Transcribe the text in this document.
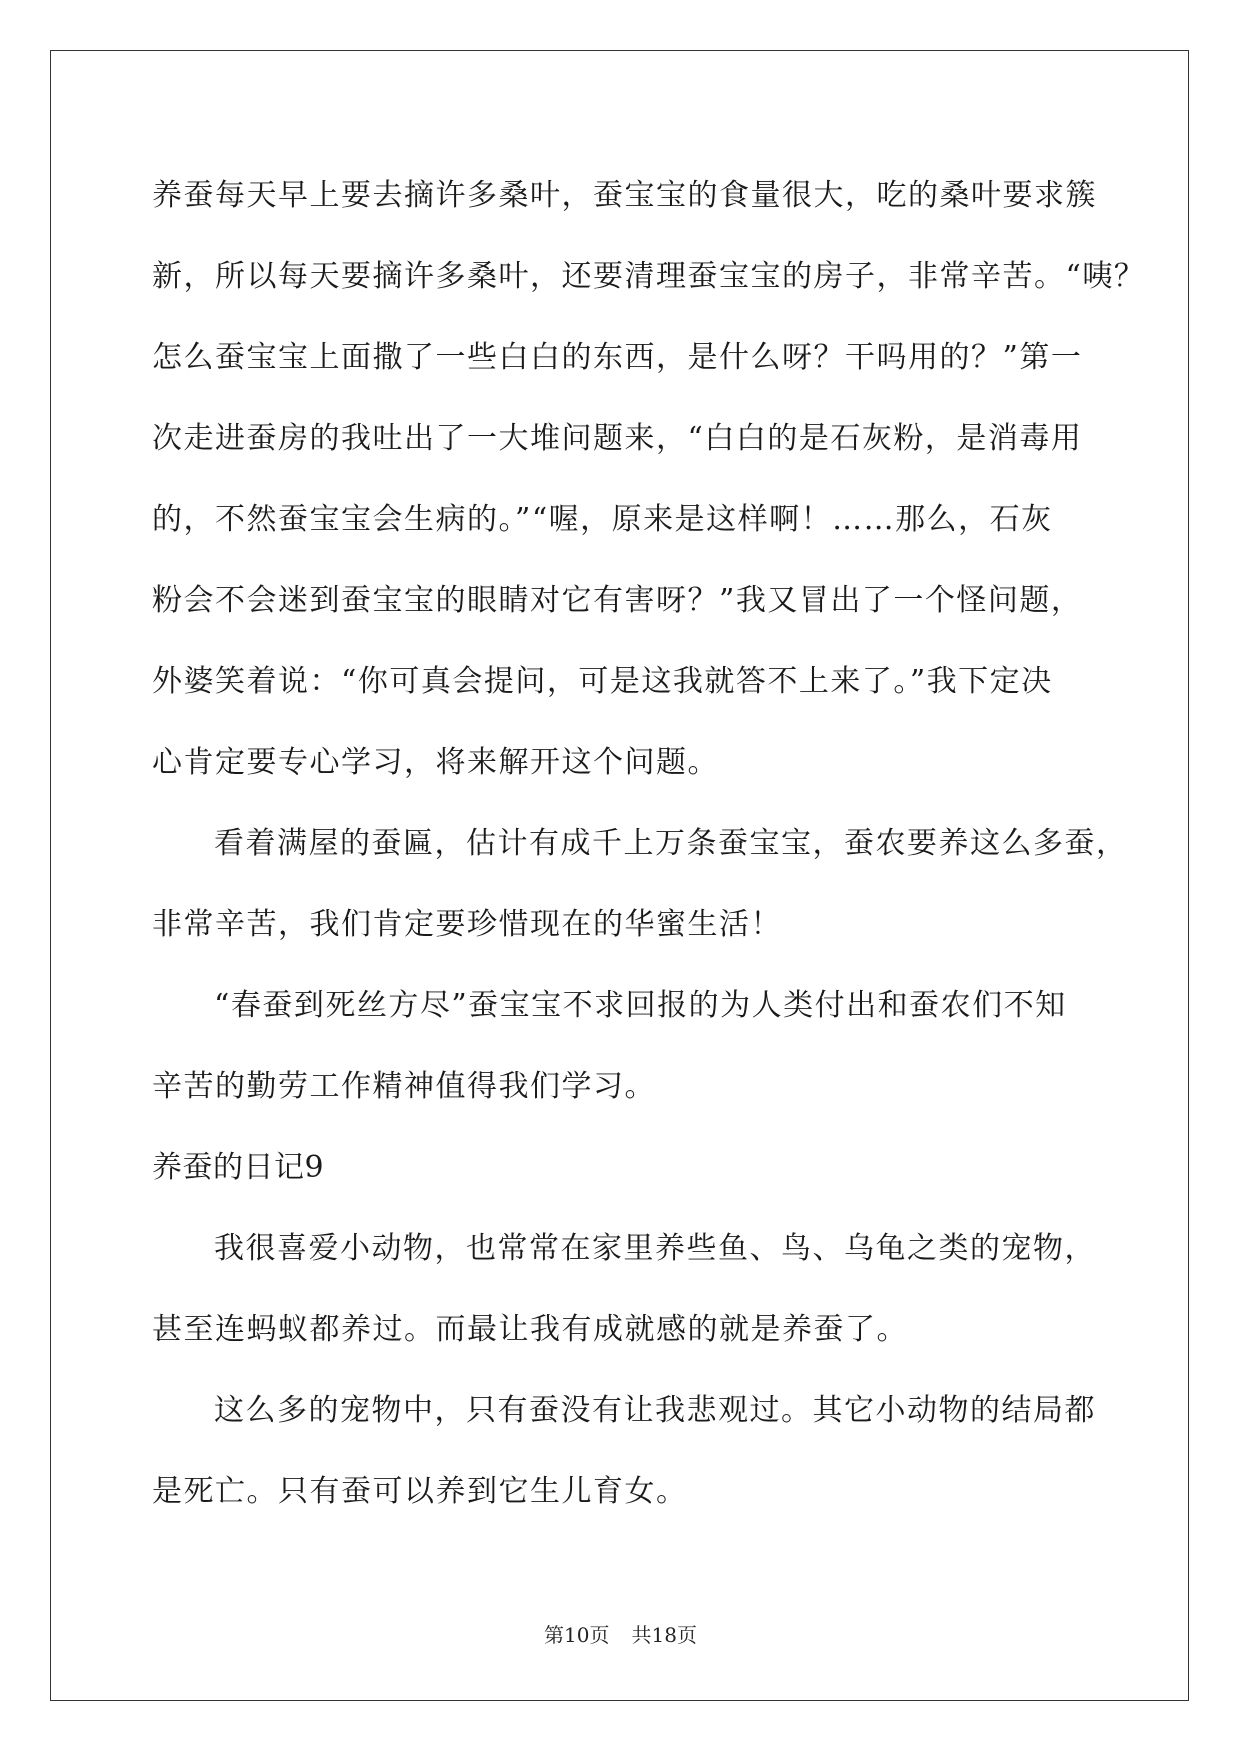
养蚕每天早上要去摘许多桑叶，蚕宝宝的食量很大，吃的桑叶要求簇
新，所以每天要摘许多桑叶，还要清理蚕宝宝的房子，非常辛苦。“咦？
怎么蚕宝宝上面撒了一些白白的东西，是什么呀？干吗用的？”第一
次走进蚕房的我吐出了一大堆问题来，“白白的是石灰粉，是消毒用
的，不然蚕宝宝会生病的。”“喔，原来是这样啊！……那么，石灰
粉会不会迷到蚕宝宝的眼睛对它有害呀？”我又冒出了一个怪问题，
外婆笑着说：“你可真会提问，可是这我就答不上来了。”我下定决
心肯定要专心学习，将来解开这个问题。
看着满屋的蚕匾，估计有成千上万条蚕宝宝，蚕农要养这么多蚕，
非常辛苦，我们肯定要珍惜现在的华蜜生活！
“春蚕到死丝方尽”蚕宝宝不求回报的为人类付出和蚕农们不知
辛苦的勤劳工作精神值得我们学习。
养蚕的日记9
我很喜爱小动物，也常常在家里养些鱼、鸟、乌龟之类的宠物，
甚至连蚂蚁都养过。而最让我有成就感的就是养蚕了。
这么多的宠物中，只有蚕没有让我悲观过。其它小动物的结局都
是死亡。只有蚕可以养到它生儿育女。
第10页 共18页
